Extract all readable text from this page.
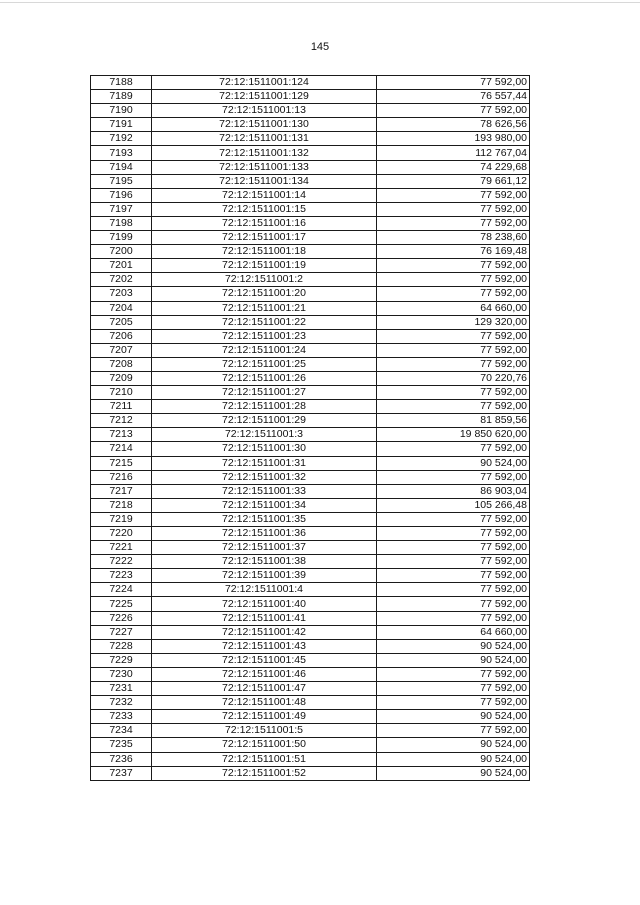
145
7188	72:12:1511001:124	77 592,00
7189	72:12:1511001:129	76 557,44
7190	72:12:1511001:13	77 592,00
7191	72:12:1511001:130	78 626,56
7192	72:12:1511001:131	193 980,00
7193	72:12:1511001:132	112 767,04
7194	72:12:1511001:133	74 229,68
7195	72:12:1511001:134	79 661,12
7196	72:12:1511001:14	77 592,00
7197	72:12:1511001:15	77 592,00
7198	72:12:1511001:16	77 592,00
7199	72:12:1511001:17	78 238,60
7200	72:12:1511001:18	76 169,48
7201	72:12:1511001:19	77 592,00
7202	72:12:1511001:2	77 592,00
7203	72:12:1511001:20	77 592,00
7204	72:12:1511001:21	64 660,00
7205	72:12:1511001:22	129 320,00
7206	72:12:1511001:23	77 592,00
7207	72:12:1511001:24	77 592,00
7208	72:12:1511001:25	77 592,00
7209	72:12:1511001:26	70 220,76
7210	72:12:1511001:27	77 592,00
7211	72:12:1511001:28	77 592,00
7212	72:12:1511001:29	81 859,56
7213	72:12:1511001:3	19 850 620,00
7214	72:12:1511001:30	77 592,00
7215	72:12:1511001:31	90 524,00
7216	72:12:1511001:32	77 592,00
7217	72:12:1511001:33	86 903,04
7218	72:12:1511001:34	105 266,48
7219	72:12:1511001:35	77 592,00
7220	72:12:1511001:36	77 592,00
7221	72:12:1511001:37	77 592,00
7222	72:12:1511001:38	77 592,00
7223	72:12:1511001:39	77 592,00
7224	72:12:1511001:4	77 592,00
7225	72:12:1511001:40	77 592,00
7226	72:12:1511001:41	77 592,00
7227	72:12:1511001:42	64 660,00
7228	72:12:1511001:43	90 524,00
7229	72:12:1511001:45	90 524,00
7230	72:12:1511001:46	77 592,00
7231	72:12:1511001:47	77 592,00
7232	72:12:1511001:48	77 592,00
7233	72:12:1511001:49	90 524,00
7234	72:12:1511001:5	77 592,00
7235	72:12:1511001:50	90 524,00
7236	72:12:1511001:51	90 524,00
7237	72:12:1511001:52	90 524,00
